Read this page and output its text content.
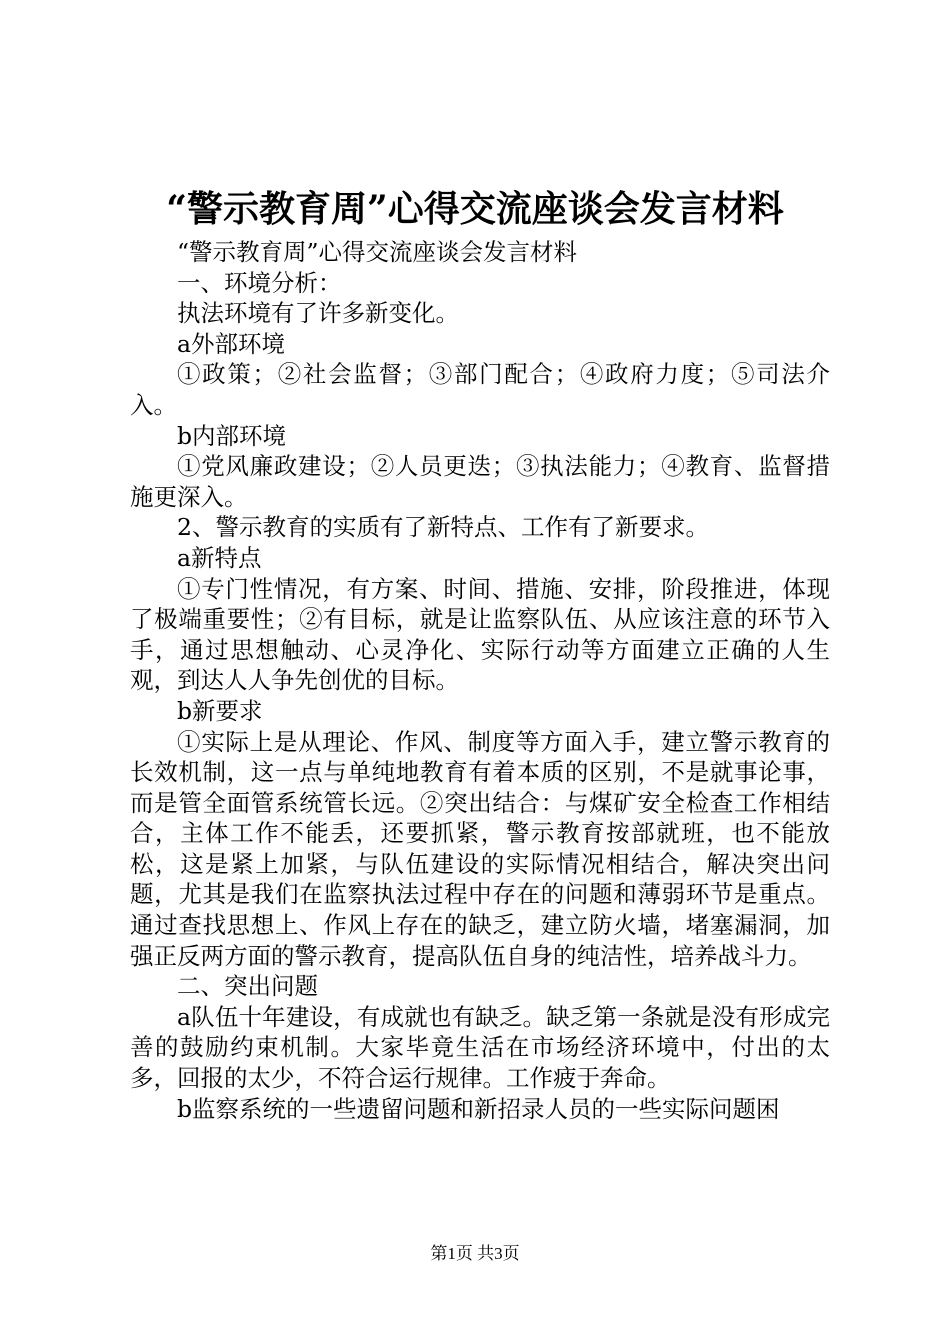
“警示教育周”心得交流座谈会发言材料

“警示教育周”心得交流座谈会发言材料

一、环境分析：

执法环境有了许多新变化。

a外部环境

①政策；②社会监督；③部门配合；④政府力度；⑤司法介入。

b内部环境

①党风廉政建设；②人员更迭；③执法能力；④教育、监督措施更深入。

2、警示教育的实质有了新特点、工作有了新要求。

a新特点

①专门性情况，有方案、时间、措施、安排，阶段推进，体现了极端重要性；②有目标，就是让监察队伍、从应该注意的环节入手，通过思想触动、心灵净化、实际行动等方面建立正确的人生观，到达人人争先创优的目标。

b新要求

①实际上是从理论、作风、制度等方面入手，建立警示教育的长效机制，这一点与单纯地教育有着本质的区别，不是就事论事，而是管全面管系统管长远。②突出结合：与煤矿安全检查工作相结合，主体工作不能丢，还要抓紧，警示教育按部就班，也不能放松，这是紧上加紧，与队伍建设的实际情况相结合，解决突出问题，尤其是我们在监察执法过程中存在的问题和薄弱环节是重点。通过查找思想上、作风上存在的缺乏，建立防火墙，堵塞漏洞，加强正反两方面的警示教育，提高队伍自身的纯洁性，培养战斗力。

二、突出问题

a队伍十年建设，有成就也有缺乏。缺乏第一条就是没有形成完善的鼓励约束机制。大家毕竟生活在市场经济环境中，付出的太多，回报的太少，不符合运行规律。工作疲于奔命。

b监察系统的一些遗留问题和新招录人员的一些实际问题困

第1页 共3页
